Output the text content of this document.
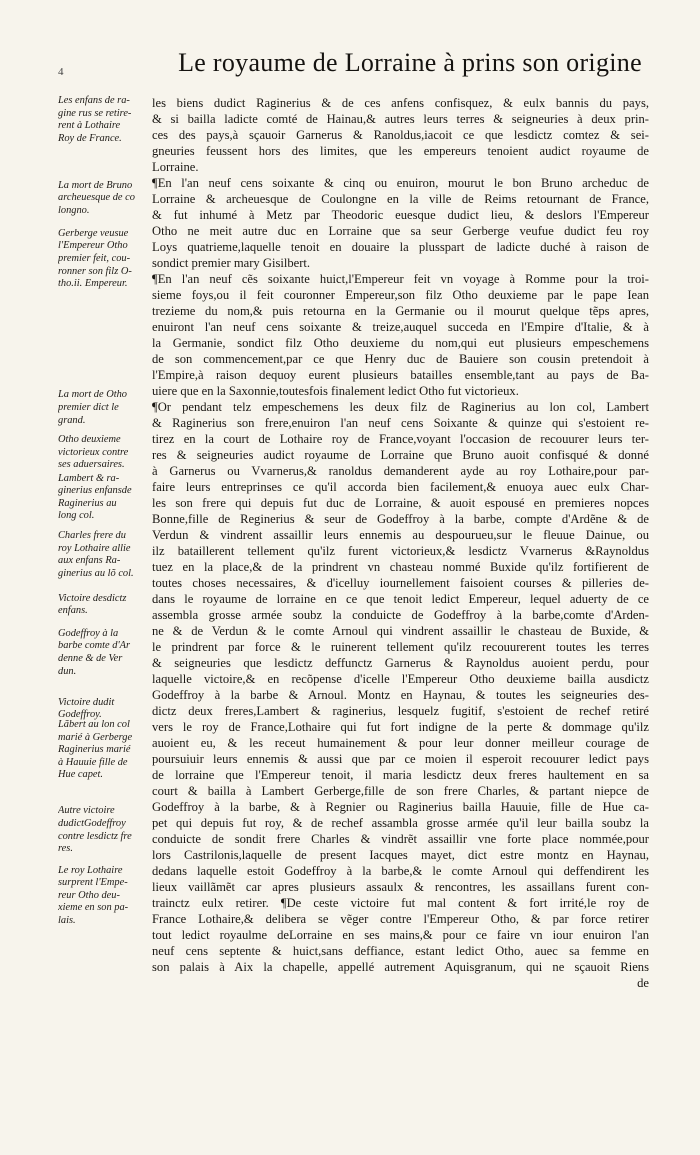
4	Le royaume de Lorraine à prins son origine
Les enfans de ra-
gine rus se retire-
rent à Lothaire
Roy de France.
La mort de Bruno
archeuesque de co
longno.
Gerberge veusue
l'Empereur Otho
premier feit, cou-
ronner son filz O-
tho.ii. Empereur.
La mort de Otho
premier dict le
grand.
Otho deuxieme
victorieux contre
ses aduersaires.
Lambert & ra-
ginerius enfansde
Raginerius au
long col.
Charles frere du
roy Lothaire allie
aux enfans Ra-
ginerius au lõ col.
Victoire desdictz
enfans.
Godeffroy à la
barbe comte d'Ar
denne & de Ver
dun.
Victoire dudit
Godeffroy.
Lãbert au lon col
marié à Gerberge
Raginerius marié
à Hauuie fille de
Hue capet.
Autre victoire
dudictGodeffroy
contre lesdictz fre
res.
Le roy Lothaire
surprent l'Empe-
reur Otho deu-
xieme en son pa-
lais.
les biens dudict Raginerius & de ces anfens confisquez, & eulx bannis du pays,
& si bailla ladicte comté de Hainau,& autres leurs terres & seigneuries à deux prin-
ces des pays,à sçauoir Garnerus & Ranoldus,iacoit ce que lesdictz comtez & sei-
gneuries feussent hors des limites, que les empereurs tenoient audict royaume de
Lorraine.
¶En l'an neuf cens soixante & cinq ou enuiron, mourut le bon Bruno archeduc de
Lorraine & archeuesque de Coulongne en la ville de Reims retournant de France,
& fut inhumé à Metz par Theodoric euesque dudict lieu, & deslors l'Empereur
Otho ne meit autre duc en Lorraine que sa seur Gerberge veufue dudict feu roy
Loys quatrieme,laquelle tenoit en douaire la plusspart de ladicte duché à raison de
sondict premier mary Gisilbert.
¶En l'an neuf cẽs soixante huict,l'Empereur feit vn voyage à Romme pour la troi-
sieme foys,ou il feit couronner Empereur,son filz Otho deuxieme par le pape Iean
trezieme du nom,& puis retourna en la Germanie ou il mourut quelque tẽps apres,
enuiront l'an neuf cens soixante & treize,auquel succeda en l'Empire d'Italie, & à
la Germanie, sondict filz Otho deuxieme du nom,qui eut plusieurs empeschemens
de son commencement,par ce que Henry duc de Bauiere son cousin pretendoit à
l'Empire,à raison dequoy eurent plusieurs batailles ensemble,tant au pays de Ba-
uiere que en la Saxonnie,toutesfois finalement ledict Otho fut victorieux.
¶Or pendant telz empeschemens les deux filz de Raginerius au lon col, Lambert
& Raginerius son frere,enuiron l'an neuf cens Soixante & quinze qui s'estoient re-
tirez en la court de Lothaire roy de France,voyant l'occasion de recouurer leurs ter-
res & seigneuries audict royaume de Lorraine que Bruno auoit confisqué & donné
à Garnerus ou Vvarnerus,& ranoldus demanderent ayde au roy Lothaire,pour par-
faire leurs entreprinses ce qu'il accorda bien facilement,& enuoya auec eulx Char-
les son frere qui depuis fut duc de Lorraine, & auoit espousé en premieres nopces
Bonne,fille de Reginerius & seur de Godeffroy à la barbe, compte d'Ardẽne & de
Verdun & vindrent assaillir leurs ennemis au despourueu,sur le fleuue Dainue, ou
ilz bataillerent tellement qu'ilz furent victorieux,& lesdictz Vvarnerus &Raynoldus
tuez en la place,& de la prindrent vn chasteau nommé Buxide qu'ilz fortifierent de
toutes choses necessaires, & d'icelluy iournellement faisoient courses & pilleries de-
dans le royaume de lorraine en ce que tenoit ledict Empereur, lequel aduerty de ce
assembla grosse armée soubz la conduicte de Godeffroy à la barbe,comte d'Arden-
ne & de Verdun & le comte Arnoul qui vindrent assaillir le chasteau de Buxide, &
le prindrent par force & le ruinerent tellement qu'ilz recouurerent toutes les terres
& seigneuries que lesdictz deffunctz Garnerus & Raynoldus auoient perdu, pour
laquelle victoire,& en recõpense d'icelle l'Empereur Otho deuxieme bailla ausdictz
Godeffroy à la barbe & Arnoul. Montz en Haynau, & toutes les seigneuries des-
dictz deux freres,Lambert & raginerius, lesquelz fugitif, s'estoient de rechef retiré
vers le roy de France,Lothaire qui fut fort indigne de la perte & dommage qu'ilz
auoient eu, & les receut humainement & pour leur donner meilleur courage de
poursuiuir leurs ennemis & aussi que par ce moien il esperoit recouurer ledict pays
de lorraine que l'Empereur tenoit, il maria lesdictz deux freres haultement en sa
court & bailla à Lambert Gerberge,fille de son frere Charles, & partant niepce de
Godeffroy à la barbe, & à Regnier ou Raginerius bailla Hauuie, fille de Hue ca-
pet qui depuis fut roy, & de rechef assambla grosse armée qu'il leur bailla soubz la
conduicte de sondit frere Charles & vindrẽt assaillir vne forte place nommée,pour
lors Castrilonis,laquelle de present Iacques mayet, dict estre montz en Haynau,
dedans laquelle estoit Godeffroy à la barbe,& le comte Arnoul qui deffendirent les
lieux vaillãmẽt car apres plusieurs assaulx & rencontres, les assaillans furent con-
trainctz eulx retirer. ¶De ceste victoire fut mal content & fort irrité,le roy de
France Lothaire,& delibera se vẽger contre l'Empereur Otho, & par force retirer
tout ledict royaulme deLorraine en ses mains,& pour ce faire vn iour enuiron l'an
neuf cens septente & huict,sans deffiance, estant ledict Otho, auec sa femme en
son palais à Aix la chapelle, appellé autrement Aquisgranum, qui ne sçauoit Riens
de
